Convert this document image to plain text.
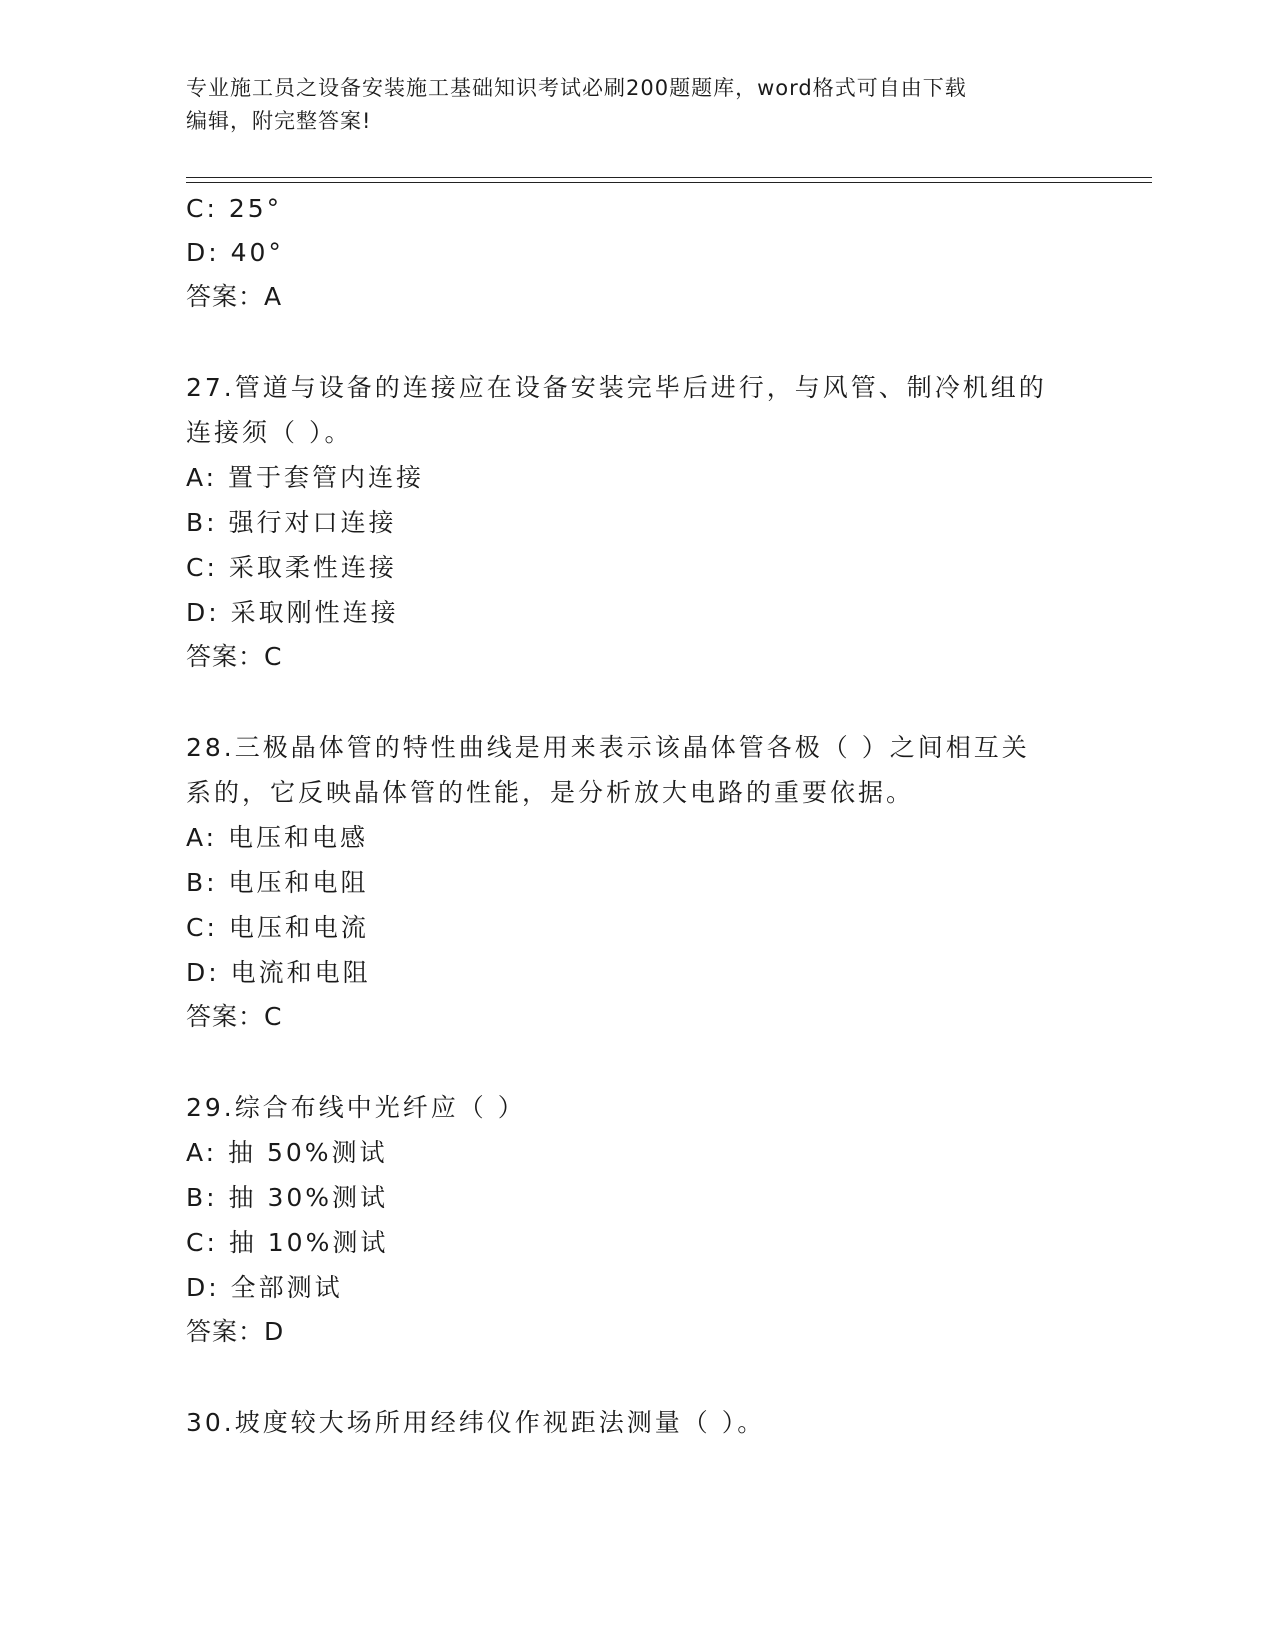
专业施工员之设备安装施工基础知识考试必刷200题题库，word格式可自由下载
编辑，附完整答案!
C: 25°
D: 40°
答案：A
27.管道与设备的连接应在设备安装完毕后进行，与风管、制冷机组的
连接须（ ）。
A: 置于套管内连接
B: 强行对口连接
C: 采取柔性连接
D: 采取刚性连接
答案：C
28.三极晶体管的特性曲线是用来表示该晶体管各极（ ）之间相互关
系的，它反映晶体管的性能，是分析放大电路的重要依据。
A: 电压和电感
B: 电压和电阻
C: 电压和电流
D: 电流和电阻
答案：C
29.综合布线中光纤应（ ）
A: 抽 50%测试
B: 抽 30%测试
C: 抽 10%测试
D: 全部测试
答案：D
30.坡度较大场所用经纬仪作视距法测量（ ）。
